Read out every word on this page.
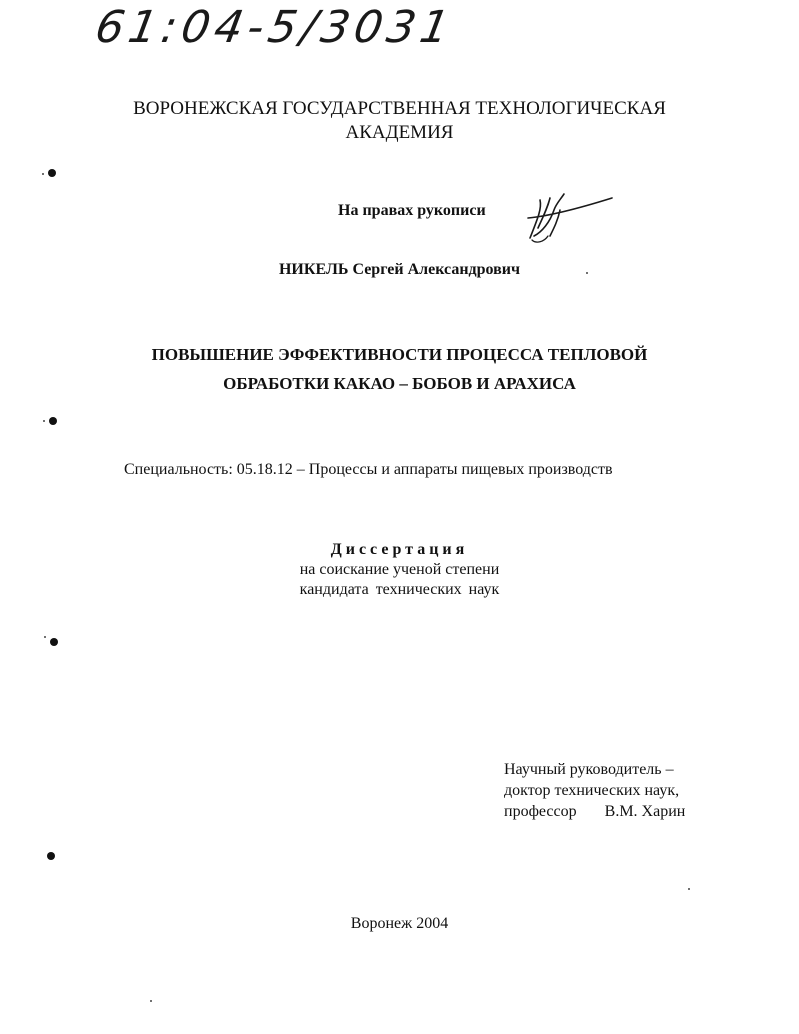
61:04-5/3031
ВОРОНЕЖСКАЯ ГОСУДАРСТВЕННАЯ ТЕХНОЛОГИЧЕСКАЯ
АКАДЕМИЯ
На правах рукописи
НИКЕЛЬ Сергей Александрович
ПОВЫШЕНИЕ ЭФФЕКТИВНОСТИ ПРОЦЕССА ТЕПЛОВОЙ
ОБРАБОТКИ КАКАО – БОБОВ И АРАХИСА
Специальность: 05.18.12 – Процессы и аппараты пищевых производств
Диссертация
на соискание ученой степени
кандидата технических наук
Научный руководитель –
доктор технических наук,
профессор В.М. Харин
Воронеж 2004
